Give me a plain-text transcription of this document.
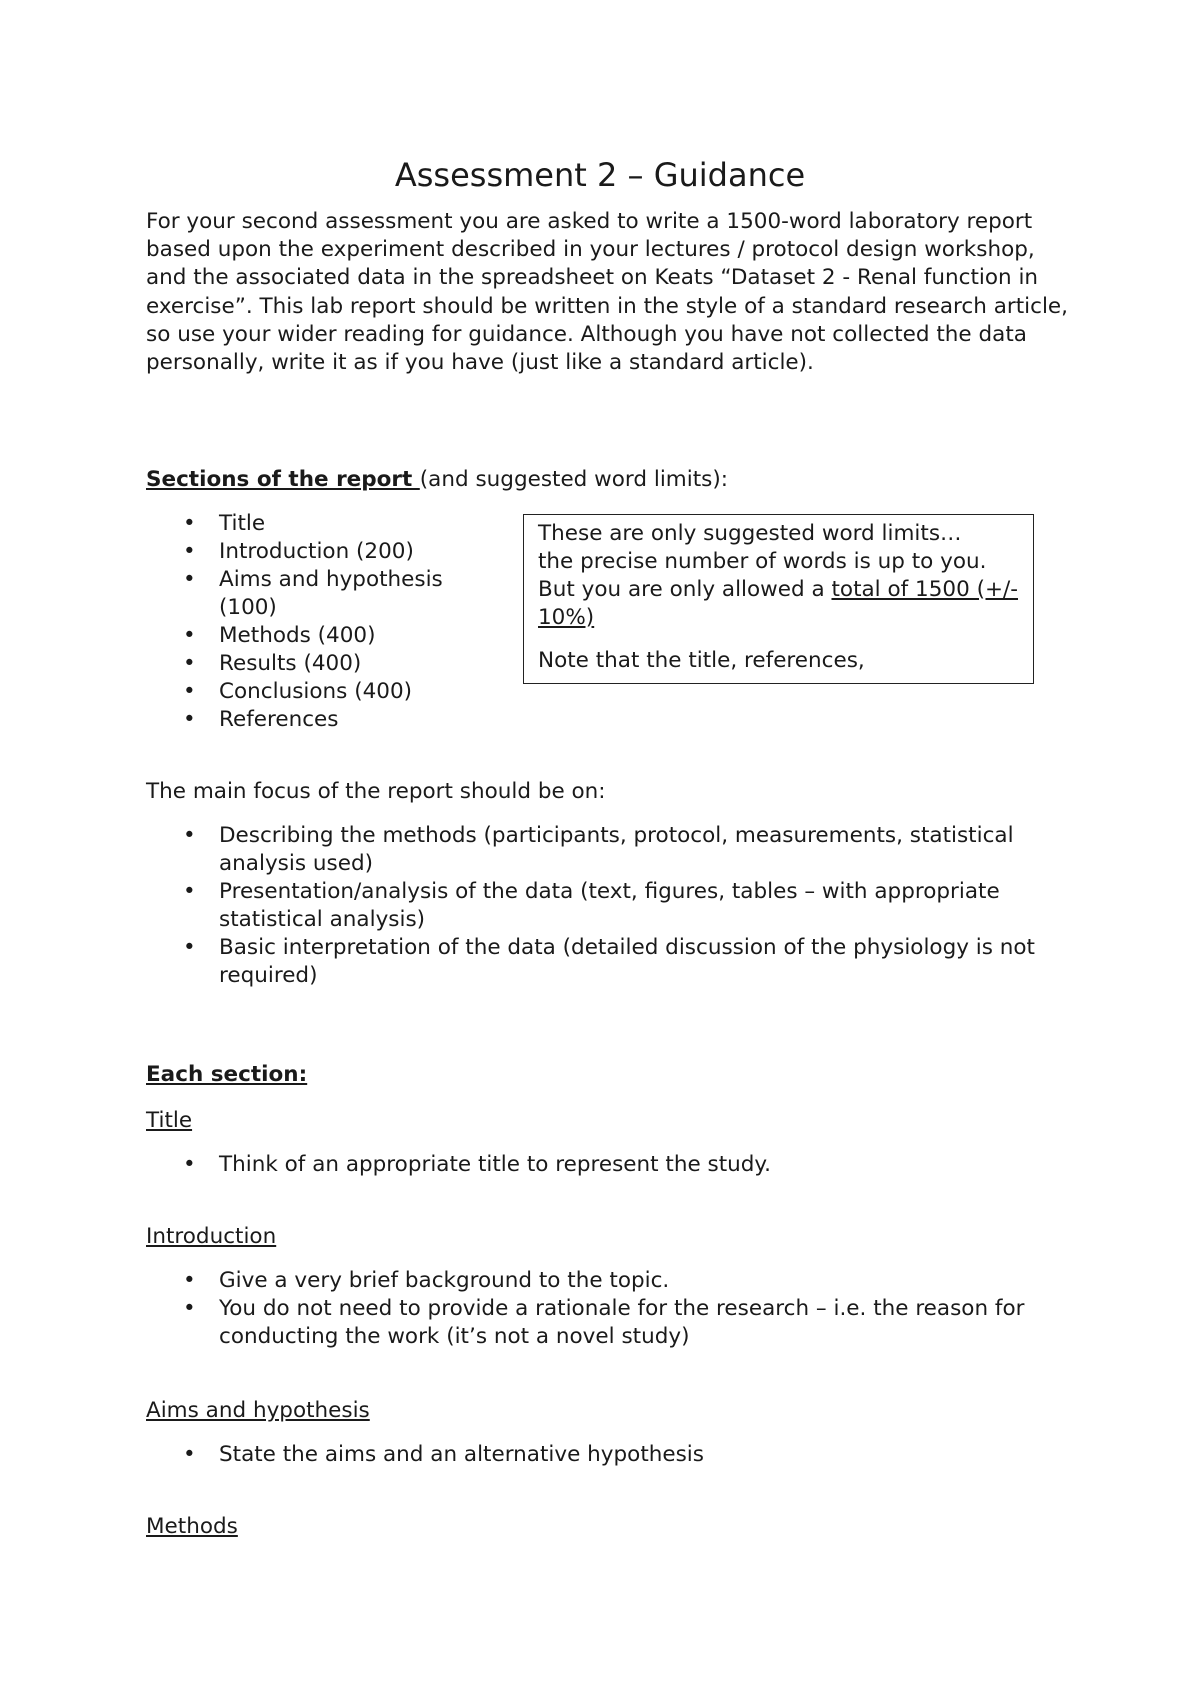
Assessment 2 – Guidance

For your second assessment you are asked to write a 1500-word laboratory report based upon the experiment described in your lectures / protocol design workshop, and the associated data in the spreadsheet on Keats “Dataset 2 - Renal function in exercise”. This lab report should be written in the style of a standard research article, so use your wider reading for guidance. Although you have not collected the data personally, write it as if you have (just like a standard article).

Sections of the report (and suggested word limits):

• Title
• Introduction (200)
• Aims and hypothesis (100)
• Methods (400)
• Results (400)
• Conclusions (400)
• References

These are only suggested word limits…

the precise number of words is up to you.

But you are only allowed a total of 1500 (+/- 10%)

Note that the title, references,

The main focus of the report should be on:

• Describing the methods (participants, protocol, measurements, statistical analysis used)
• Presentation/analysis of the data (text, figures, tables – with appropriate statistical analysis)
• Basic interpretation of the data (detailed discussion of the physiology is not required)

Each section:

Title

• Think of an appropriate title to represent the study.

Introduction

• Give a very brief background to the topic.
• You do not need to provide a rationale for the research – i.e. the reason for conducting the work (it’s not a novel study)

Aims and hypothesis

• State the aims and an alternative hypothesis

Methods
